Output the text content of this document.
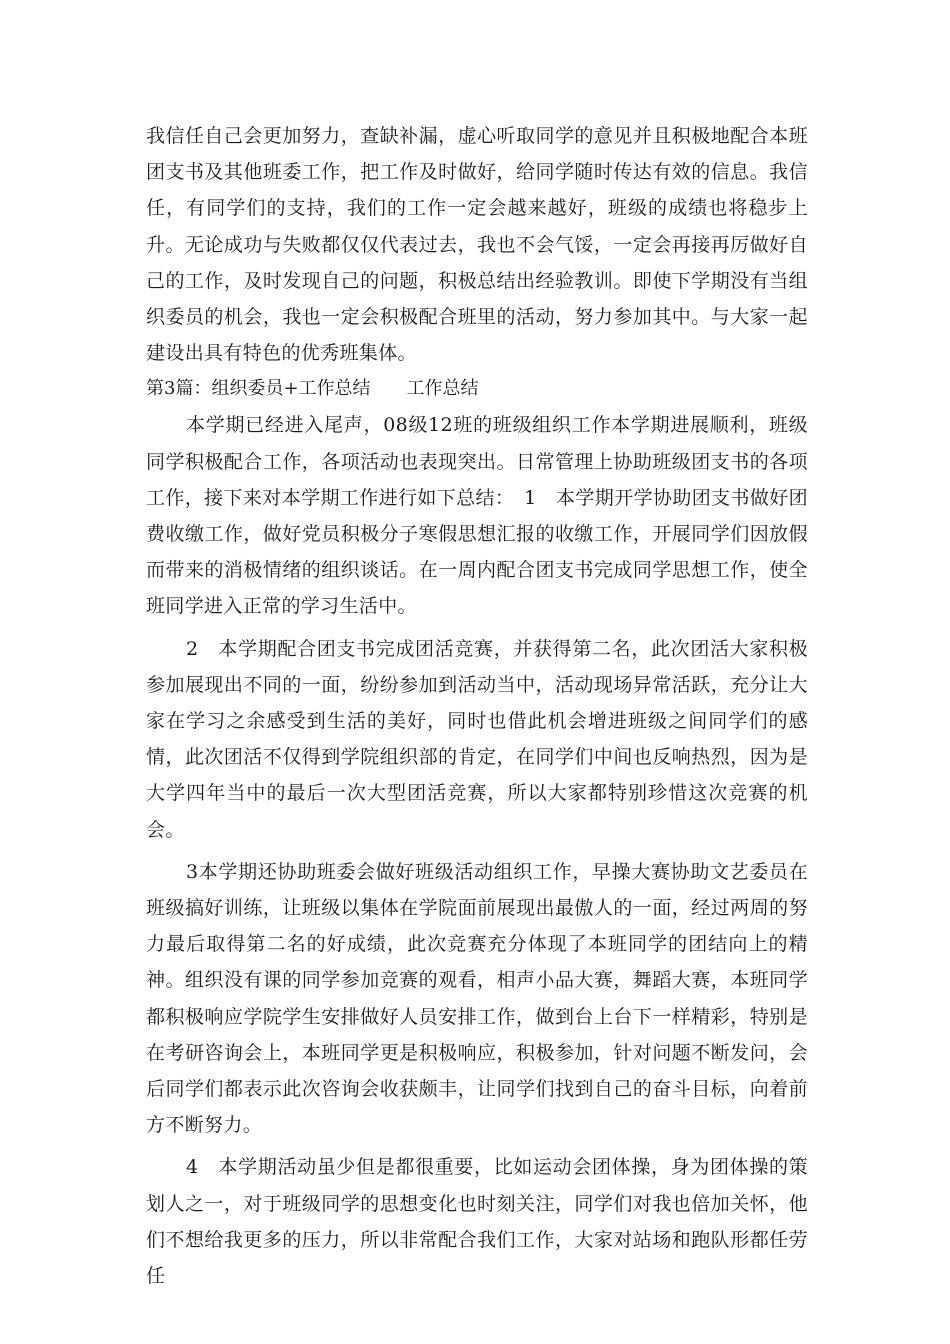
我信任自己会更加努力，查缺补漏，虚心听取同学的意见并且积极地配合本班团支书及其他班委工作，把工作及时做好，给同学随时传达有效的信息。我信任，有同学们的支持，我们的工作一定会越来越好，班级的成绩也将稳步上升。无论成功与失败都仅仅代表过去，我也不会气馁，一定会再接再厉做好自己的工作，及时发现自己的问题，积极总结出经验教训。即使下学期没有当组织委员的机会，我也一定会积极配合班里的活动，努力参加其中。与大家一起建设出具有特色的优秀班集体。

第3篇：组织委员+工作总结　　工作总结

本学期已经进入尾声，08级12班的班级组织工作本学期进展顺利，班级同学积极配合工作，各项活动也表现突出。日常管理上协助班级团支书的各项工作，接下来对本学期工作进行如下总结：　1　本学期开学协助团支书做好团费收缴工作，做好党员积极分子寒假思想汇报的收缴工作，开展同学们因放假而带来的消极情绪的组织谈话。在一周内配合团支书完成同学思想工作，使全班同学进入正常的学习生活中。

2　本学期配合团支书完成团活竞赛，并获得第二名，此次团活大家积极参加展现出不同的一面，纷纷参加到活动当中，活动现场异常活跃，充分让大家在学习之余感受到生活的美好，同时也借此机会增进班级之间同学们的感情，此次团活不仅得到学院组织部的肯定，在同学们中间也反响热烈，因为是大学四年当中的最后一次大型团活竞赛，所以大家都特别珍惜这次竞赛的机会。

3本学期还协助班委会做好班级活动组织工作，早操大赛协助文艺委员在班级搞好训练，让班级以集体在学院面前展现出最傲人的一面，经过两周的努力最后取得第二名的好成绩，此次竞赛充分体现了本班同学的团结向上的精神。组织没有课的同学参加竞赛的观看，相声小品大赛，舞蹈大赛，本班同学都积极响应学院学生安排做好人员安排工作，做到台上台下一样精彩，特别是在考研咨询会上，本班同学更是积极响应，积极参加，针对问题不断发问，会后同学们都表示此次咨询会收获颇丰，让同学们找到自己的奋斗目标，向着前方不断努力。

4　本学期活动虽少但是都很重要，比如运动会团体操，身为团体操的策划人之一，对于班级同学的思想变化也时刻关注，同学们对我也倍加关怀，他们不想给我更多的压力，所以非常配合我们工作，大家对站场和跑队形都任劳任
